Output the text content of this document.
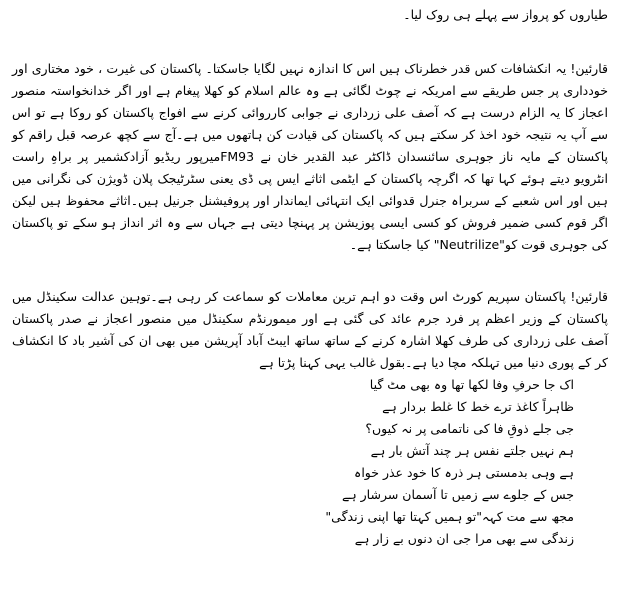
طیاروں کو پرواز سے پہلے ہی روک لیا۔

قارئین! یہ انکشافات کس قدر خطرناک ہیں اس کا اندازہ نہیں لگایا جاسکتا۔ پاکستان کی غیرت ، خود مختاری اور خودداری پر جس طریقے سے امریکہ نے چوٹ لگائی ہے وہ عالم اسلام کو کھلا پیغام ہے اور اگر خدانخواستہ منصور اعجاز کا یہ الزام درست ہے کہ آصف علی زرداری نے جوابی کارروائی کرنے سے افواج پاکستان کو روکا ہے تو اس سے آپ یہ نتیجہ خود اخذ کر سکتے ہیں کہ پاکستان کی قیادت کن ہاتھوں میں ہے۔آج سے کچھ عرصہ قبل راقم کو پاکستان کے مایہ ناز جوہری سائنسدان ڈاکٹر عبد القدیر خان نے FM93میرپور ریڈیو آزادکشمیر پر براہِ راست انٹرویو دیتے ہوئے کہا تھا کہ اگرچہ پاکستان کے ایٹمی اثاثے ایس پی ڈی یعنی سٹرٹیجک پلان ڈویژن کی نگرانی میں ہیں اور اس شعبے کے سربراہ جنرل قدوائی ایک انتہائی ایماندار اور پروفیشنل جرنیل ہیں۔اثاثے محفوظ ہیں لیکن اگر قوم کسی ضمیر فروش کو کسی ایسی پوزیشن پر پہنچا دیتی ہے جہاں سے وہ اثر انداز ہو سکے تو پاکستان کی جوہری قوت کو"Neutrilize" کیا جاسکتا ہے۔

قارئین! پاکستان سپریم کورٹ اس وقت دو اہم ترین معاملات کو سماعت کر رہی ہے۔توہین عدالت سکینڈل میں پاکستان کے وزیر اعظم پر فرد جرم عائد کی گئی ہے اور میمورنڈم سکینڈل میں منصور اعجاز نے صدر پاکستان آصف علی زرداری کی طرف کھلا اشارہ کرنے کے ساتھ ساتھ ایبٹ آباد آپریشن میں بھی ان کی آشیر باد کا انکشاف کر کے پوری دنیا میں تہلکہ مچا دیا ہے۔بقول غالب یہی کہنا پڑتا ہے

اک جا حرفِ وفا لکھا تھا وہ بھی مٹ گیا

ظاہراً کاغذ ترے خط کا غلط بردار ہے

جی جلے ذوقِ فا کی ناتمامی پر نہ کیوں؟

ہم نہیں جلتے نفس ہر چند آتش بار ہے

ہے وہی بدمستی ہر ذرہ کا خود عذر خواہ

جس کے جلوے سے زمیں تا آسمان سرشار ہے

مجھ سے مت کہہ"تو ہمیں کہتا تھا اپنی زندگی"

زندگی سے بھی مرا جی ان دنوں بے زار ہے
